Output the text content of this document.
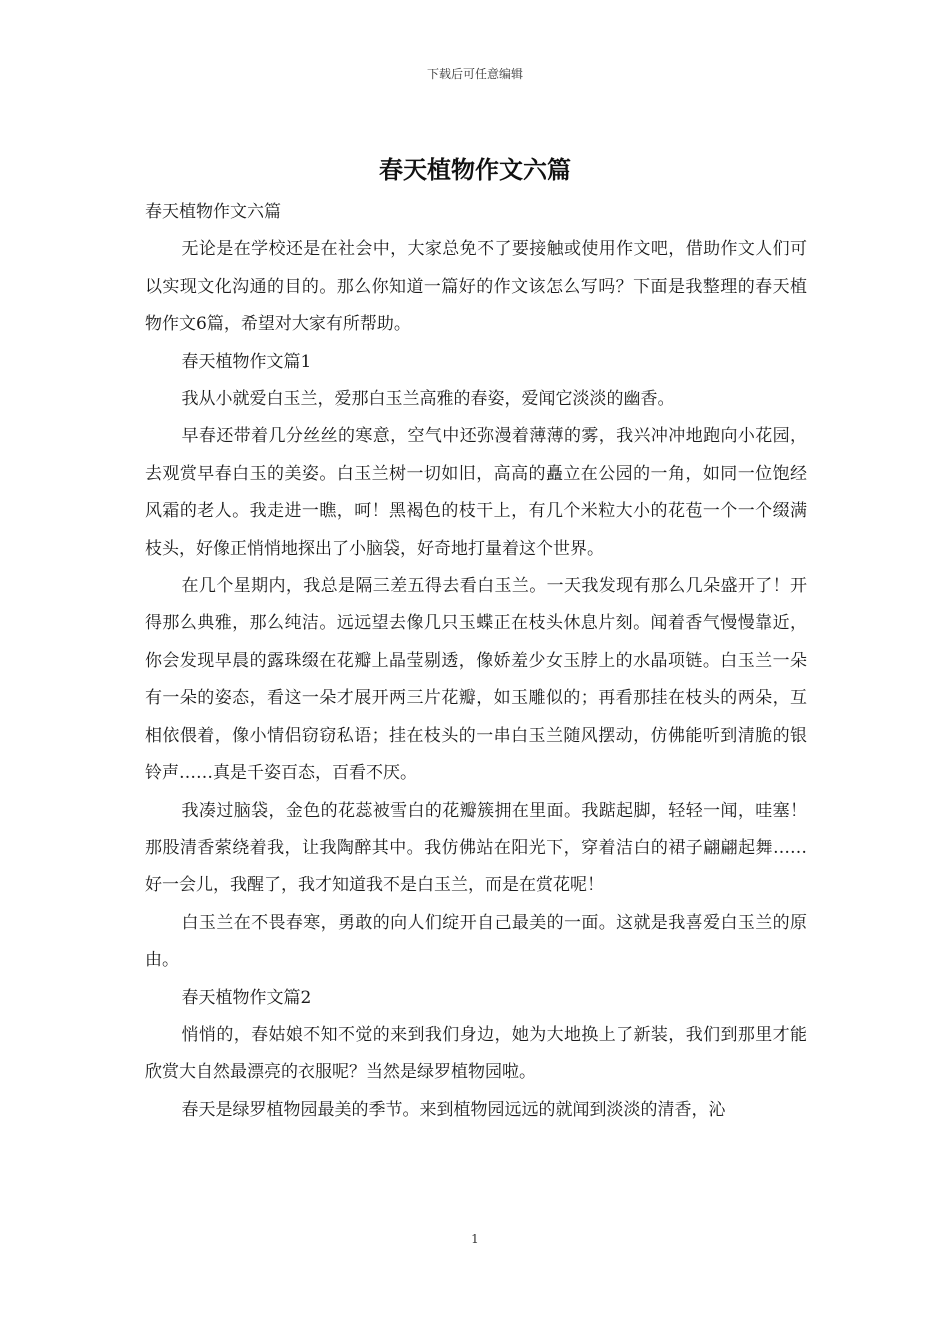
下载后可任意编辑
春天植物作文六篇

春天植物作文六篇

无论是在学校还是在社会中，大家总免不了要接触或使用作文吧，借助作文人们可以实现文化沟通的目的。那么你知道一篇好的作文该怎么写吗？下面是我整理的春天植物作文6篇，希望对大家有所帮助。

春天植物作文篇1

我从小就爱白玉兰，爱那白玉兰高雅的春姿，爱闻它淡淡的幽香。

早春还带着几分丝丝的寒意，空气中还弥漫着薄薄的雾，我兴冲冲地跑向小花园，去观赏早春白玉的美姿。白玉兰树一切如旧，高高的矗立在公园的一角，如同一位饱经风霜的老人。我走进一瞧，呵！黑褐色的枝干上，有几个米粒大小的花苞一个一个缀满枝头，好像正悄悄地探出了小脑袋，好奇地打量着这个世界。

在几个星期内，我总是隔三差五得去看白玉兰。一天我发现有那么几朵盛开了！开得那么典雅，那么纯洁。远远望去像几只玉蝶正在枝头休息片刻。闻着香气慢慢靠近，你会发现早晨的露珠缀在花瓣上晶莹剔透，像娇羞少女玉脖上的水晶项链。白玉兰一朵有一朵的姿态，看这一朵才展开两三片花瓣，如玉雕似的；再看那挂在枝头的两朵，互相依偎着，像小情侣窃窃私语；挂在枝头的一串白玉兰随风摆动，仿佛能听到清脆的银铃声……真是千姿百态，百看不厌。

我凑过脑袋，金色的花蕊被雪白的花瓣簇拥在里面。我踮起脚，轻轻一闻，哇塞！那股清香萦绕着我，让我陶醉其中。我仿佛站在阳光下，穿着洁白的裙子翩翩起舞……好一会儿，我醒了，我才知道我不是白玉兰，而是在赏花呢！

白玉兰在不畏春寒，勇敢的向人们绽开自己最美的一面。这就是我喜爱白玉兰的原由。

春天植物作文篇2

悄悄的，春姑娘不知不觉的来到我们身边，她为大地换上了新装，我们到那里才能欣赏大自然最漂亮的衣服呢？当然是绿罗植物园啦。

春天是绿罗植物园最美的季节。来到植物园远远的就闻到淡淡的清香，沁

1
